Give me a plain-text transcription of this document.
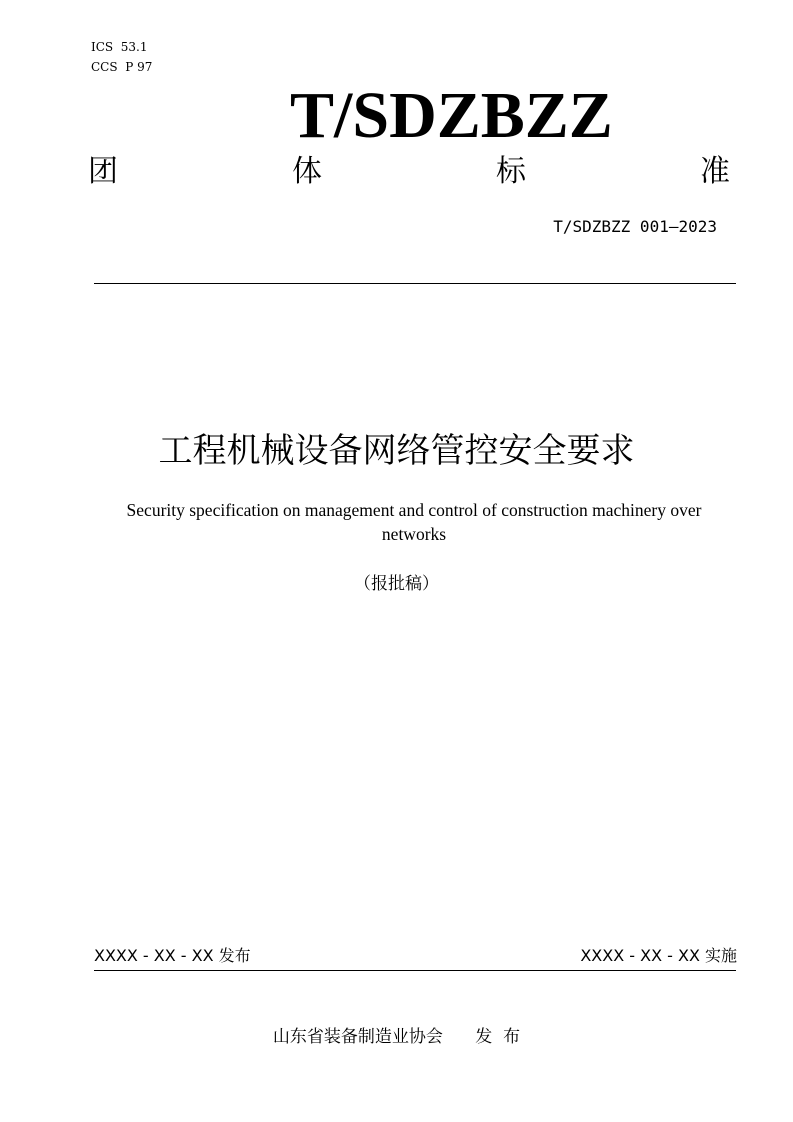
ICS  53.1
CCS  P 97
T/SDZBZZ
团	体	标	准
T/SDZBZZ 001—2023
工程机械设备网络管控安全要求
Security specification on management and control of construction machinery over networks
（报批稿）
XXXX - XX - XX 发布	XXXX - XX - XX 实施
山东省装备制造业协会      发  布
